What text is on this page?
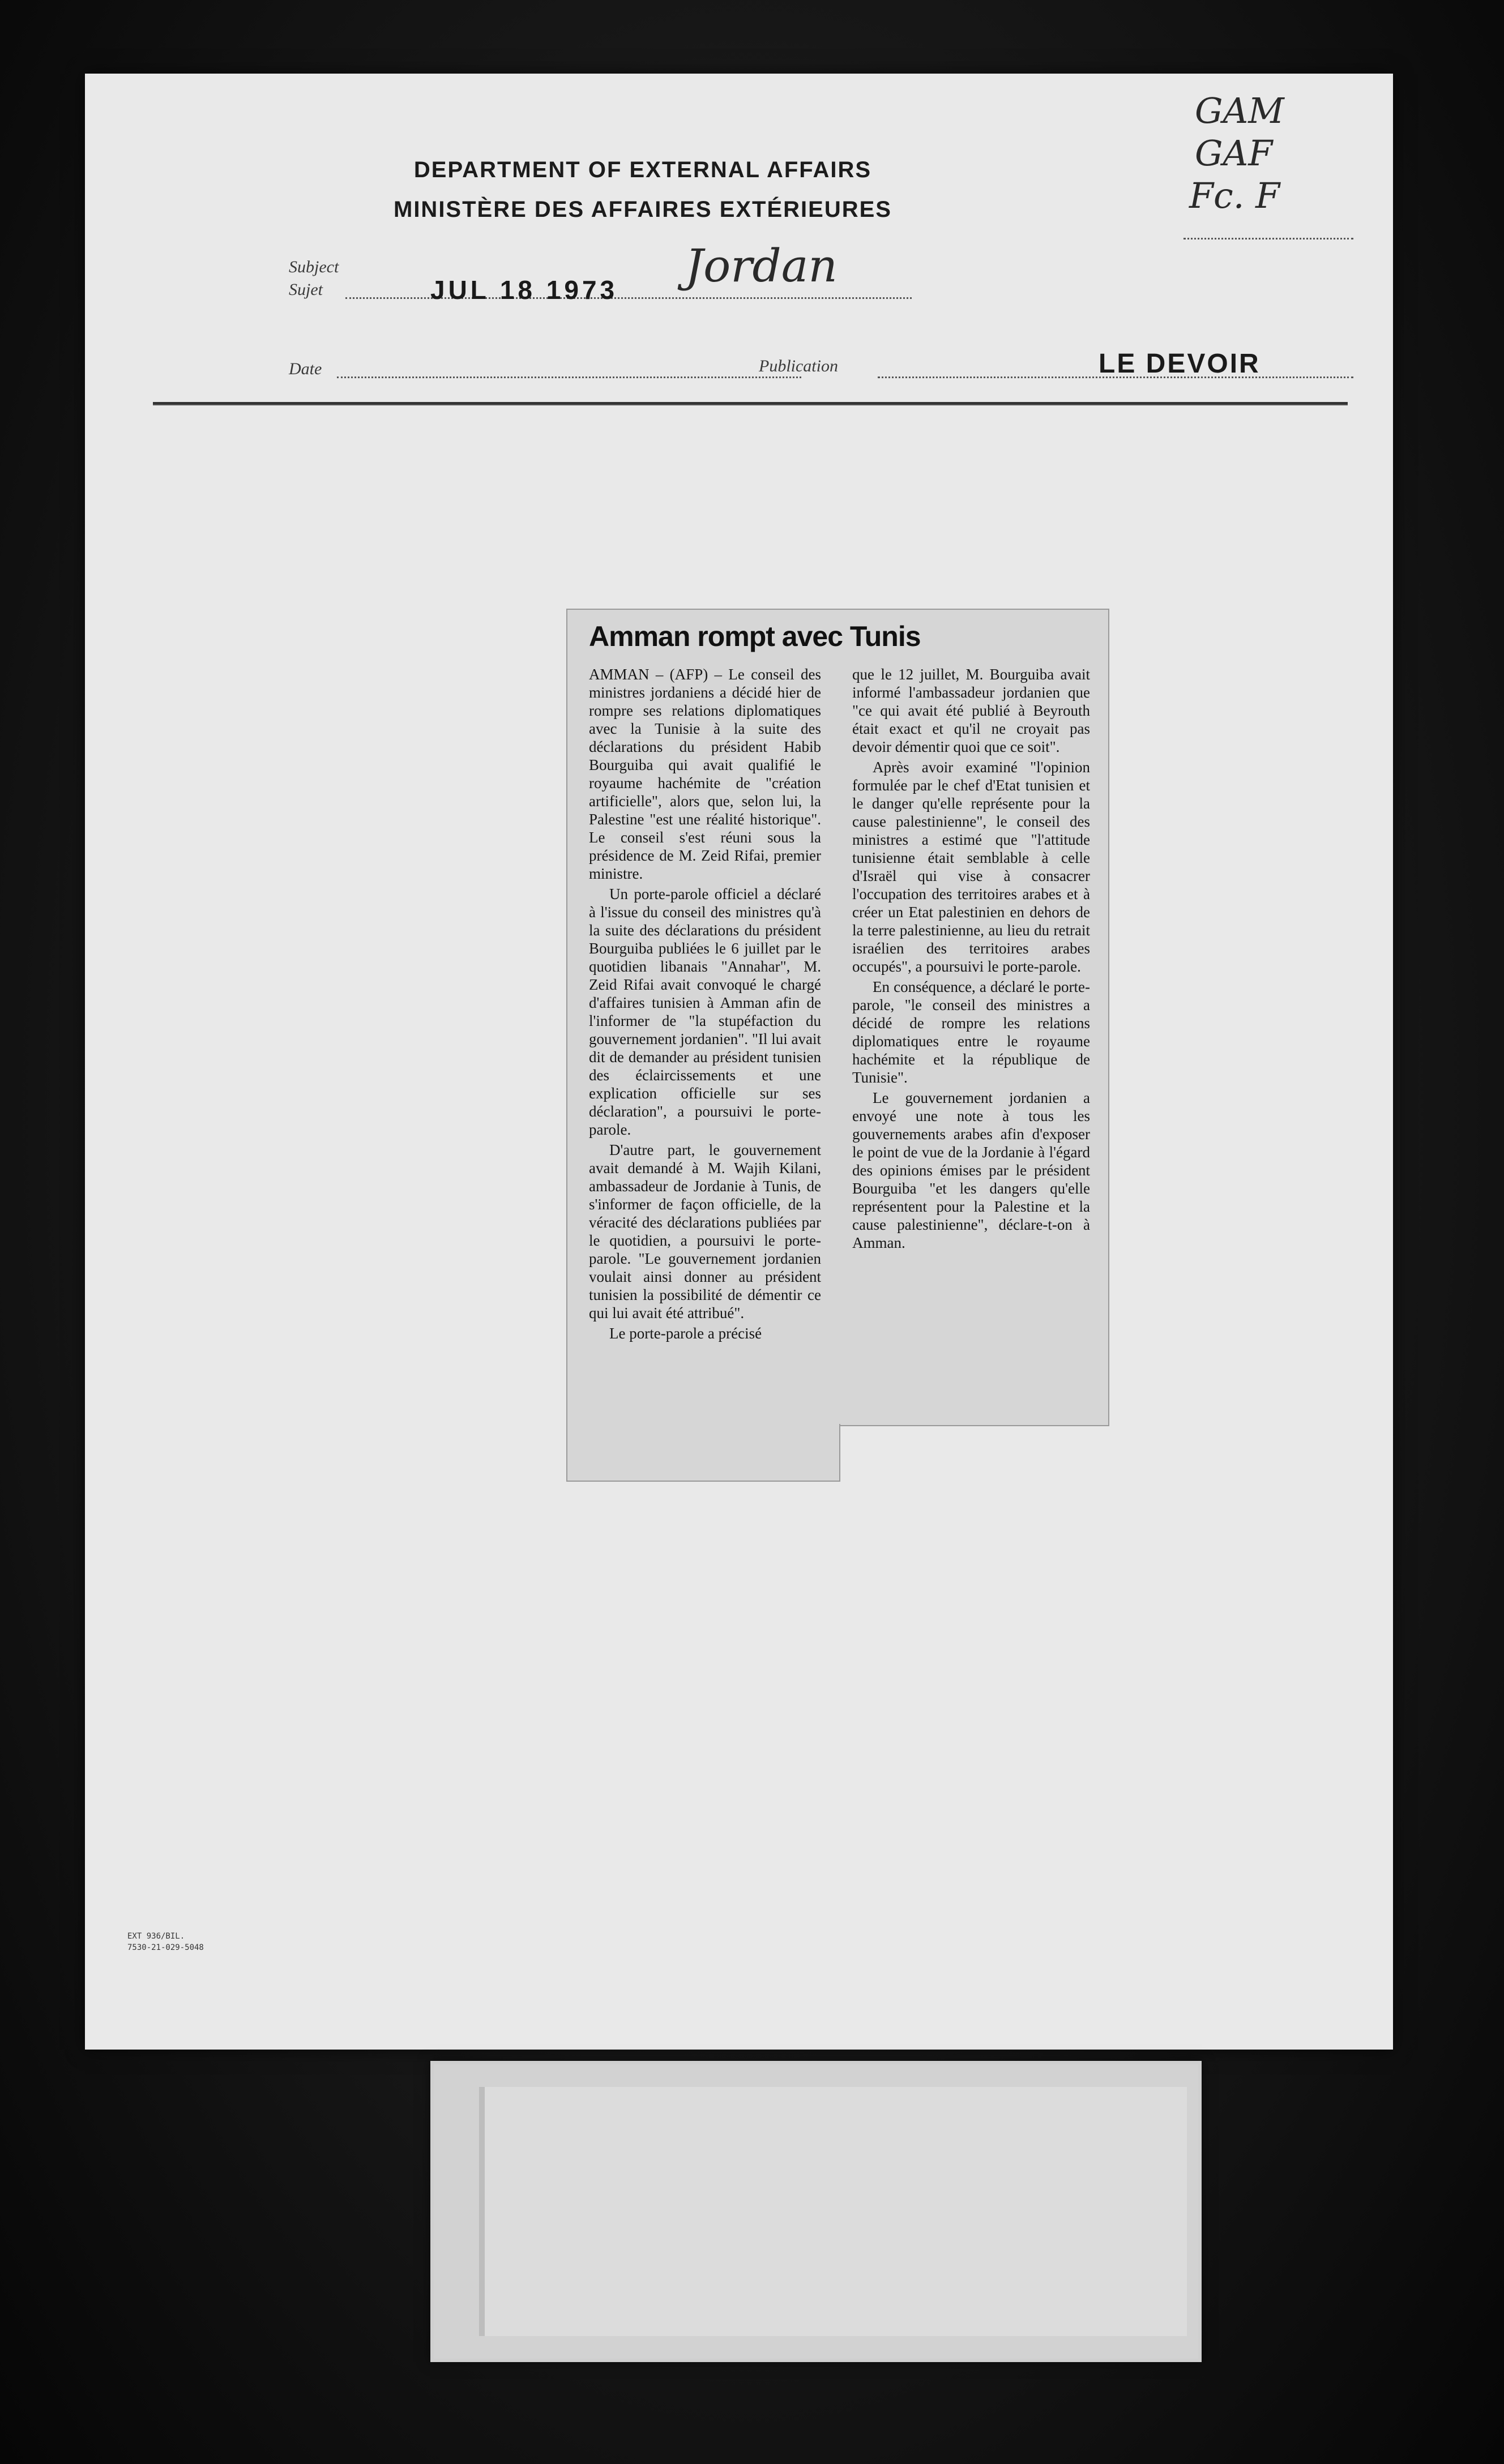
DEPARTMENT OF EXTERNAL AFFAIRS
MINISTÈRE DES AFFAIRES EXTÉRIEURES
GAM
GAF
Fc. F
Subject
Sujet	Jordan
JUL 18 1973
Date	Publication	LE DEVOIR
Amman rompt avec Tunis

AMMAN – (AFP) – Le conseil des ministres jordaniens a décidé hier de rompre ses relations diplomatiques avec la Tunisie à la suite des déclarations du président Habib Bourguiba qui avait qualifié le royaume hachémite de "création artificielle", alors que, selon lui, la Palestine "est une réalité historique". Le conseil s'est réuni sous la présidence de M. Zeid Rifai, premier ministre.

Un porte-parole officiel a déclaré à l'issue du conseil des ministres qu'à la suite des déclarations du président Bourguiba publiées le 6 juillet par le quotidien libanais "Annahar", M. Zeid Rifai avait convoqué le chargé d'affaires tunisien à Amman afin de l'informer de "la stupéfaction du gouvernement jordanien". "Il lui avait dit de demander au président tunisien des éclaircissements et une explication officielle sur ses déclaration", a poursuivi le porte-parole.

D'autre part, le gouvernement avait demandé à M. Wajih Kilani, ambassadeur de Jordanie à Tunis, de s'informer de façon officielle, de la véracité des déclarations publiées par le quotidien, a poursuivi le porte-parole. "Le gouvernement jordanien voulait ainsi donner au président tunisien la possibilité de démentir ce qui lui avait été attribué".

Le porte-parole a précisé

que le 12 juillet, M. Bourguiba avait informé l'ambassadeur jordanien que "ce qui avait été publié à Beyrouth était exact et qu'il ne croyait pas devoir démentir quoi que ce soit".

Après avoir examiné "l'opinion formulée par le chef d'Etat tunisien et le danger qu'elle représente pour la cause palestinienne", le conseil des ministres a estimé que "l'attitude tunisienne était semblable à celle d'Israël qui vise à consacrer l'occupation des territoires arabes et à créer un Etat palestinien en dehors de la terre palestinienne, au lieu du retrait israélien des territoires arabes occupés", a poursuivi le porte-parole.

En conséquence, a déclaré le porte-parole, "le conseil des ministres a décidé de rompre les relations diplomatiques entre le royaume hachémite et la république de Tunisie".

Le gouvernement jordanien a envoyé une note à tous les gouvernements arabes afin d'exposer le point de vue de la Jordanie à l'égard des opinions émises par le président Bourguiba "et les dangers qu'elle représentent pour la Palestine et la cause palestinienne", déclare-t-on à Amman.

EXT 936/BIL.
7530-21-029-5048
